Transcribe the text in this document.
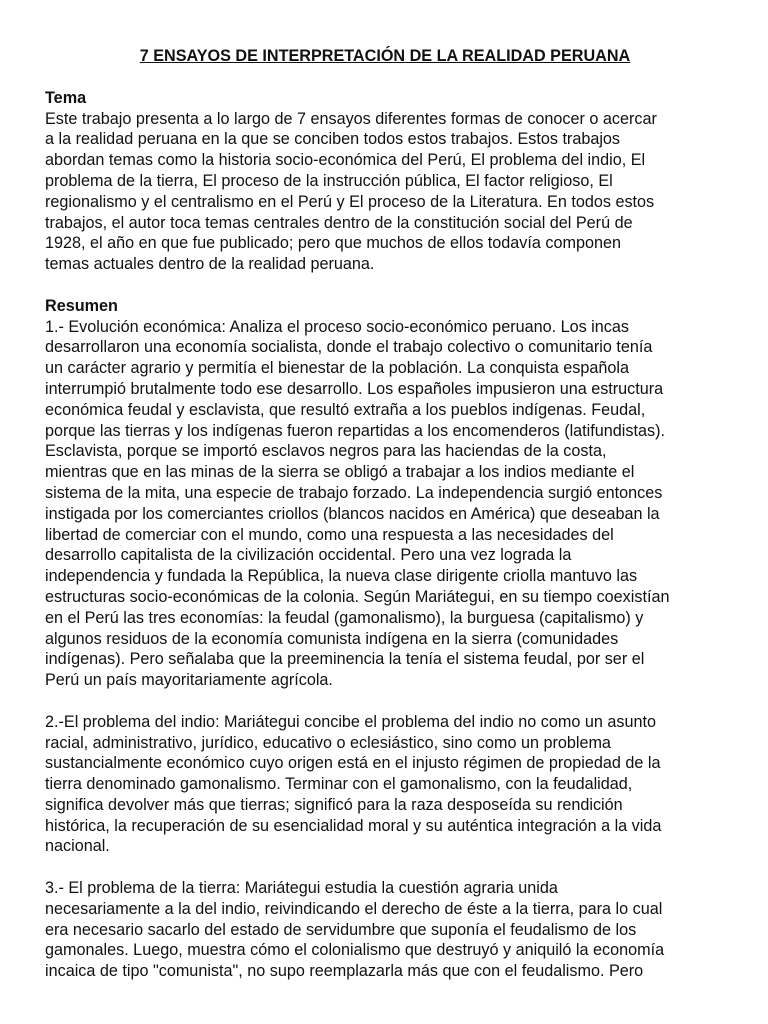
7 ENSAYOS DE INTERPRETACIÓN DE LA REALIDAD PERUANA
Tema
Este trabajo presenta a lo largo de 7 ensayos diferentes formas de conocer o acercar
a la realidad peruana en la que se conciben todos estos trabajos. Estos trabajos
abordan temas como la historia socio-económica del Perú, El problema del indio, El
problema de la tierra, El proceso de la instrucción pública, El factor religioso, El
regionalismo y el centralismo en el Perú y El proceso de la Literatura. En todos estos
trabajos, el autor toca temas centrales dentro de la constitución social del Perú de
1928, el año en que fue publicado; pero que muchos de ellos todavía componen
temas actuales dentro de la realidad peruana.
Resumen
1.- Evolución económica: Analiza el proceso socio-económico peruano. Los incas
desarrollaron una economía socialista, donde el trabajo colectivo o comunitario tenía
un carácter agrario y permitía el bienestar de la población. La conquista española
interrumpió brutalmente todo ese desarrollo. Los españoles impusieron una estructura
económica feudal y esclavista, que resultó extraña a los pueblos indígenas. Feudal,
porque las tierras y los indígenas fueron repartidas a los encomenderos (latifundistas).
Esclavista, porque se importó esclavos negros para las haciendas de la costa,
mientras que en las minas de la sierra se obligó a trabajar a los indios mediante el
sistema de la mita, una especie de trabajo forzado. La independencia surgió entonces
instigada por los comerciantes criollos (blancos nacidos en América) que deseaban la
libertad de comerciar con el mundo, como una respuesta a las necesidades del
desarrollo capitalista de la civilización occidental. Pero una vez lograda la
independencia y fundada la República, la nueva clase dirigente criolla mantuvo las
estructuras socio-económicas de la colonia. Según Mariátegui, en su tiempo coexistían
en el Perú las tres economías: la feudal (gamonalismo), la burguesa (capitalismo) y
algunos residuos de la economía comunista indígena en la sierra (comunidades
indígenas). Pero señalaba que la preeminencia la tenía el sistema feudal, por ser el
Perú un país mayoritariamente agrícola.
2.-El problema del indio: Mariátegui concibe el problema del indio no como un asunto
racial, administrativo, jurídico, educativo o eclesiástico, sino como un problema
sustancialmente económico cuyo origen está en el injusto régimen de propiedad de la
tierra denominado gamonalismo. Terminar con el gamonalismo, con la feudalidad,
significa devolver más que tierras; significó para la raza desposeída su rendición
histórica, la recuperación de su esencialidad moral y su auténtica integración a la vida
nacional.
3.- El problema de la tierra: Mariátegui estudia la cuestión agraria unida
necesariamente a la del indio, reivindicando el derecho de éste a la tierra, para lo cual
era necesario sacarlo del estado de servidumbre que suponía el feudalismo de los
gamonales. Luego, muestra cómo el colonialismo que destruyó y aniquiló la economía
incaica de tipo "comunista", no supo reemplazarla más que con el feudalismo. Pero
